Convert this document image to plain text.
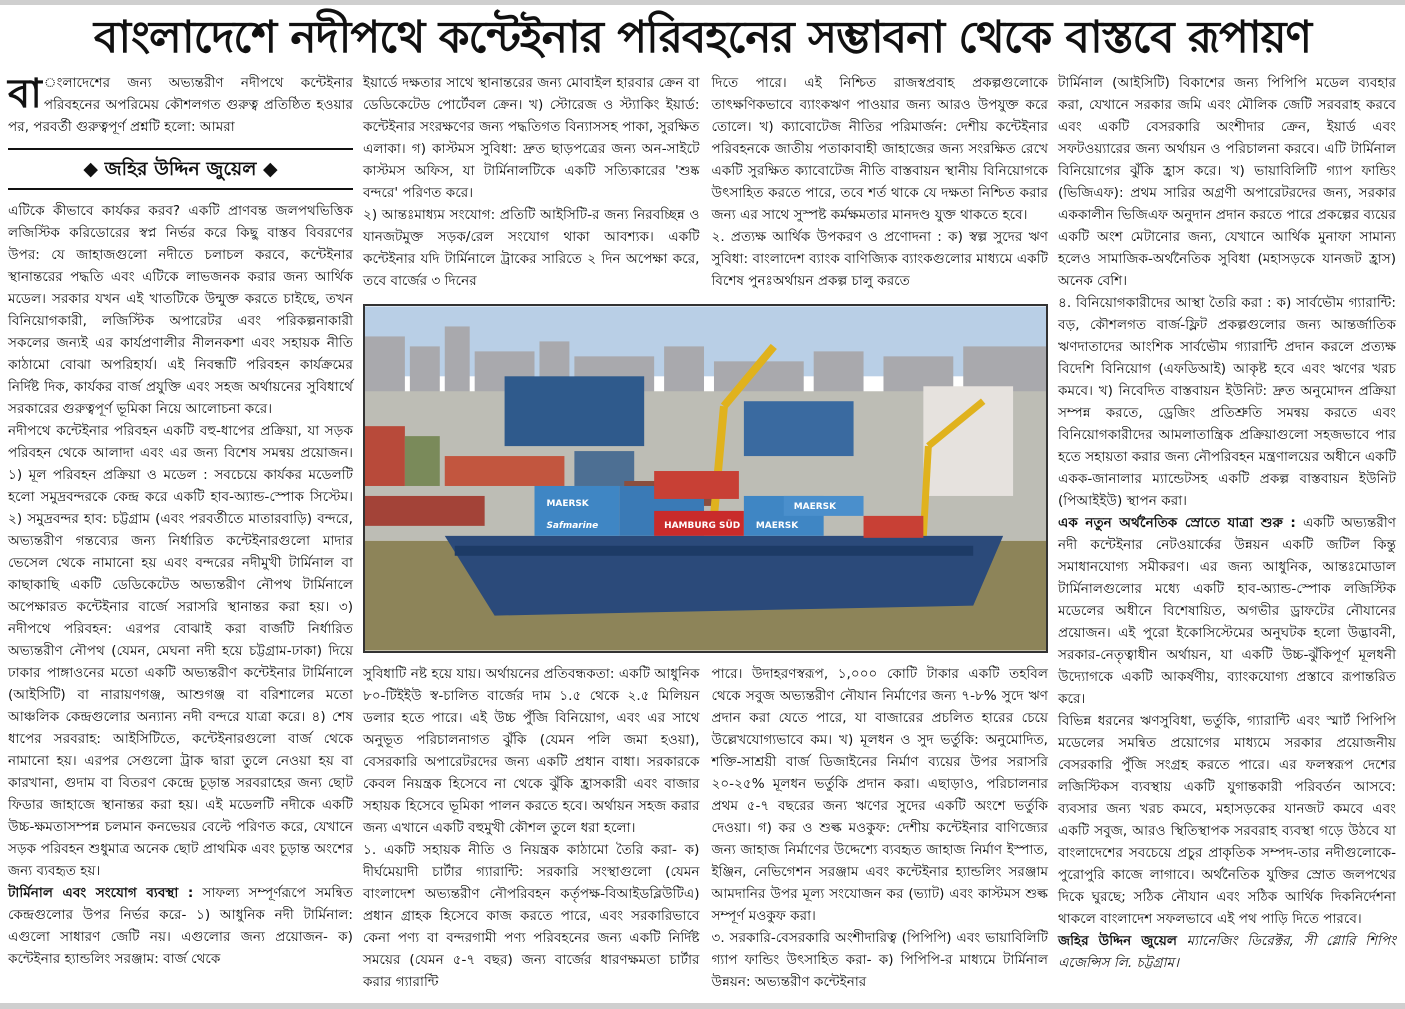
বাংলাদেশে নদীপথে কন্টেইনার পরিবহনের সম্ভাবনা থেকে বাস্তবে রূপায়ণ

বা ংলাদেশের জন্য অভ্যন্তরীণ নদীপথে কন্টেইনার পরিবহনের অপরিমেয় কৌশলগত গুরুত্ব প্রতিষ্ঠিত হওয়ার পর, পরবর্তী গুরুত্বপূর্ণ প্রশ্নটি হলো: আমরা

◆ জহির উদ্দিন জুয়েল ◆

এটিকে কীভাবে কার্যকর করব? একটি প্রাণবন্ত জলপথভিত্তিক লজিস্টিক করিডোরের স্বপ্ন নির্ভর করে কিছু বাস্তব বিবরণের উপর: যে জাহাজগুলো নদীতে চলাচল করবে, কন্টেইনার স্থানান্তরের পদ্ধতি এবং এটিকে লাভজনক করার জন্য আর্থিক মডেল। সরকার যখন এই খাতটিকে উন্মুক্ত করতে চাইছে, তখন বিনিয়োগকারী, লজিস্টিক অপারেটর এবং পরিকল্পনাকারী সকলের জন্যই এর কার্যপ্রণালীর নীলনকশা এবং সহায়ক নীতি কাঠামো বোঝা অপরিহার্য। এই নিবন্ধটি পরিবহন কার্যক্রমের নির্দিষ্ট দিক, কার্যকর বার্জ প্রযুক্তি এবং সহজ অর্থায়নের সুবিধার্থে সরকারের গুরুত্বপূর্ণ ভূমিকা নিয়ে আলোচনা করে।

নদীপথে কন্টেইনার পরিবহন একটি বহু-ধাপের প্রক্রিয়া, যা সড়ক পরিবহন থেকে আলাদা এবং এর জন্য বিশেষ সমন্বয় প্রয়োজন। ১) মূল পরিবহন প্রক্রিয়া ও মডেল : সবচেয়ে কার্যকর মডেলটি হলো সমুদ্রবন্দরকে কেন্দ্র করে একটি হাব-অ্যান্ড-স্পোক সিস্টেম। ২) সমুদ্রবন্দর হাব: চট্টগ্রাম (এবং পরবর্তীতে মাতারবাড়ি) বন্দরে, অভ্যন্তরীণ গন্তব্যের জন্য নির্ধারিত কন্টেইনারগুলো মাদার ভেসেল থেকে নামানো হয় এবং বন্দরের নদীমুখী টার্মিনাল বা কাছাকাছি একটি ডেডিকেটেড অভ্যন্তরীণ নৌপথ টার্মিনালে অপেক্ষারত কন্টেইনার বার্জে সরাসরি স্থানান্তর করা হয়। ৩) নদীপথে পরিবহন: এরপর বোঝাই করা বার্জটি নির্ধারিত অভ্যন্তরীণ নৌপথ (যেমন, মেঘনা নদী হয়ে চট্টগ্রাম-ঢাকা) দিয়ে ঢাকার পাঙ্গাওনের মতো একটি অভ্যন্তরীণ কন্টেইনার টার্মিনালে (আইসিটি) বা নারায়ণগঞ্জ, আশুগঞ্জ বা বরিশালের মতো আঞ্চলিক কেন্দ্রগুলোর অন্যান্য নদী বন্দরে যাত্রা করে। ৪) শেষ ধাপের সরবরাহ: আইসিটিতে, কন্টেইনারগুলো বার্জ থেকে নামানো হয়। এরপর সেগুলো ট্রাক দ্বারা তুলে নেওয়া হয় বা কারখানা, গুদাম বা বিতরণ কেন্দ্রে চূড়ান্ত সরবরাহের জন্য ছোট ফিডার জাহাজে স্থানান্তর করা হয়। এই মডেলটি নদীকে একটি উচ্চ-ক্ষমতাসম্পন্ন চলমান কনভেয়র বেল্টে পরিণত করে, যেখানে সড়ক পরিবহন শুধুমাত্র অনেক ছোট প্রাথমিক এবং চূড়ান্ত অংশের জন্য ব্যবহৃত হয়।

টার্মিনাল এবং সংযোগ ব্যবস্থা : সাফল্য সম্পূর্ণরূপে সমন্বিত কেন্দ্রগুলোর উপর নির্ভর করে- ১) আধুনিক নদী টার্মিনাল: এগুলো সাধারণ জেটি নয়। এগুলোর জন্য প্রয়োজন- ক) কন্টেইনার হ্যান্ডলিং সরঞ্জাম: বার্জ থেকে

ইয়ার্ডে দক্ষতার সাথে স্থানান্তরের জন্য মোবাইল হারবার ক্রেন বা ডেডিকেটেড পোর্টেবল ক্রেন। খ) স্টোরেজ ও স্ট্যাকিং ইয়ার্ড: কন্টেইনার সংরক্ষণের জন্য পদ্ধতিগত বিন্যাসসহ পাকা, সুরক্ষিত এলাকা। গ) কাস্টমস সুবিধা: দ্রুত ছাড়পত্রের জন্য অন-সাইটে কাস্টমস অফিস, যা টার্মিনালটিকে একটি সত্যিকারের 'শুষ্ক বন্দরে' পরিণত করে।

২) আন্তঃমাধ্যম সংযোগ: প্রতিটি আইসিটি-র জন্য নিরবচ্ছিন্ন ও যানজটমুক্ত সড়ক/রেল সংযোগ থাকা আবশ্যক। একটি কন্টেইনার যদি টার্মিনালে ট্রাকের সারিতে ২ দিন অপেক্ষা করে, তবে বার্জের ৩ দিনের

দিতে পারে। এই নিশ্চিত রাজস্বপ্রবাহ প্রকল্পগুলোকে তাৎক্ষণিকভাবে ব্যাংকঋণ পাওয়ার জন্য আরও উপযুক্ত করে তোলে। খ) ক্যাবোটেজ নীতির পরিমার্জন: দেশীয় কন্টেইনার পরিবহনকে জাতীয় পতাকাবাহী জাহাজের জন্য সংরক্ষিত রেখে একটি সুরক্ষিত ক্যাবোটেজ নীতি বাস্তবায়ন স্থানীয় বিনিয়োগকে উৎসাহিত করতে পারে, তবে শর্ত থাকে যে দক্ষতা নিশ্চিত করার জন্য এর সাথে সুস্পষ্ট কর্মক্ষমতার মানদণ্ড যুক্ত থাকতে হবে।

২. প্রত্যক্ষ আর্থিক উপকরণ ও প্রণোদনা : ক) স্বল্প সুদের ঋণ সুবিধা: বাংলাদেশ ব্যাংক বাণিজ্যিক ব্যাংকগুলোর মাধ্যমে একটি বিশেষ পুনঃঅর্থায়ন প্রকল্প চালু করতে

MAERSK	MAERSK
HAMBURG SÜD MAERSK
Safmarine

সুবিধাটি নষ্ট হয়ে যায়। অর্থায়নের প্রতিবন্ধকতা: একটি আধুনিক ৮০-টিইইউ স্ব-চালিত বার্জের দাম ১.৫ থেকে ২.৫ মিলিয়ন ডলার হতে পারে। এই উচ্চ পুঁজি বিনিয়োগ, এবং এর সাথে অনুভূত পরিচালনাগত ঝুঁকি (যেমন পলি জমা হওয়া), বেসরকারি অপারেটরদের জন্য একটি প্রধান বাধা। সরকারকে কেবল নিয়ন্ত্রক হিসেবে না থেকে ঝুঁকি হ্রাসকারী এবং বাজার সহায়ক হিসেবে ভূমিকা পালন করতে হবে। অর্থায়ন সহজ করার জন্য এখানে একটি বহুমুখী কৌশল তুলে ধরা হলো।

১. একটি সহায়ক নীতি ও নিয়ন্ত্রক কাঠামো তৈরি করা- ক) দীর্ঘমেয়াদী চার্টার গ্যারান্টি: সরকারি সংস্থাগুলো (যেমন বাংলাদেশ অভ্যন্তরীণ নৌপরিবহন কর্তৃপক্ষ-বিআইডব্লিউটিএ) প্রধান গ্রাহক হিসেবে কাজ করতে পারে, এবং সরকারিভাবে কেনা পণ্য বা বন্দরগামী পণ্য পরিবহনের জন্য একটি নির্দিষ্ট সময়ের (যেমন ৫-৭ বছর) জন্য বার্জের ধারণক্ষমতা চার্টার করার গ্যারান্টি

পারে। উদাহরণস্বরূপ, ১,০০০ কোটি টাকার একটি তহবিল থেকে সবুজ অভ্যন্তরীণ নৌযান নির্মাণের জন্য ৭-৮% সুদে ঋণ প্রদান করা যেতে পারে, যা বাজারের প্রচলিত হারের চেয়ে উল্লেখযোগ্যভাবে কম। খ) মূলধন ও সুদ ভর্তুকি: অনুমোদিত, শক্তি-সাশ্রয়ী বার্জ ডিজাইনের নির্মাণ ব্যয়ের উপর সরাসরি ২০-২৫% মূলধন ভর্তুকি প্রদান করা। এছাড়াও, পরিচালনার প্রথম ৫-৭ বছরের জন্য ঋণের সুদের একটি অংশে ভর্তুকি দেওয়া। গ) কর ও শুল্ক মওকুফ: দেশীয় কন্টেইনার বাণিজ্যের জন্য জাহাজ নির্মাণের উদ্দেশ্যে ব্যবহৃত জাহাজ নির্মাণ ইস্পাত, ইঞ্জিন, নেভিগেশন সরঞ্জাম এবং কন্টেইনার হ্যান্ডলিং সরঞ্জাম আমদানির উপর মূল্য সংযোজন কর (ভ্যাট) এবং কাস্টমস শুল্ক সম্পূর্ণ মওকুফ করা।

৩. সরকারি-বেসরকারি অংশীদারিত্ব (পিপিপি) এবং ভায়াবিলিটি গ্যাপ ফান্ডিং উৎসাহিত করা- ক) পিপিপি-র মাধ্যমে টার্মিনাল উন্নয়ন: অভ্যন্তরীণ কন্টেইনার

টার্মিনাল (আইসিটি) বিকাশের জন্য পিপিপি মডেল ব্যবহার করা, যেখানে সরকার জমি এবং মৌলিক জেটি সরবরাহ করবে এবং একটি বেসরকারি অংশীদার ক্রেন, ইয়ার্ড এবং সফটওয়্যারের জন্য অর্থায়ন ও পরিচালনা করবে। এটি টার্মিনাল বিনিয়োগের ঝুঁকি হ্রাস করে। খ) ভায়াবিলিটি গ্যাপ ফান্ডিং (ভিজিএফ): প্রথম সারির অগ্রণী অপারেটরদের জন্য, সরকার এককালীন ভিজিএফ অনুদান প্রদান করতে পারে প্রকল্পের ব্যয়ের একটি অংশ মেটানোর জন্য, যেখানে আর্থিক মুনাফা সামান্য হলেও সামাজিক-অর্থনৈতিক সুবিধা (মহাসড়কে যানজট হ্রাস) অনেক বেশি।

৪. বিনিয়োগকারীদের আস্থা তৈরি করা : ক) সার্বভৌম গ্যারান্টি: বড়, কৌশলগত বার্জ-ফ্লিট প্রকল্পগুলোর জন্য আন্তর্জাতিক ঋণদাতাদের আংশিক সার্বভৌম গ্যারান্টি প্রদান করলে প্রত্যক্ষ বিদেশি বিনিয়োগ (এফডিআই) আকৃষ্ট হবে এবং ঋণের খরচ কমবে। খ) নিবেদিত বাস্তবায়ন ইউনিট: দ্রুত অনুমোদন প্রক্রিয়া সম্পন্ন করতে, ড্রেজিং প্রতিশ্রুতি সমন্বয় করতে এবং বিনিয়োগকারীদের আমলাতান্ত্রিক প্রক্রিয়াগুলো সহজভাবে পার হতে সহায়তা করার জন্য নৌপরিবহন মন্ত্রণালয়ের অধীনে একটি একক-জানালার ম্যান্ডেটসহ একটি প্রকল্প বাস্তবায়ন ইউনিট (পিআইইউ) স্থাপন করা।

এক নতুন অর্থনৈতিক স্রোতে যাত্রা শুরু : একটি অভ্যন্তরীণ নদী কন্টেইনার নেটওয়ার্কের উন্নয়ন একটি জটিল কিন্তু সমাধানযোগ্য সমীকরণ। এর জন্য আধুনিক, আন্তঃমোডাল টার্মিনালগুলোর মধ্যে একটি হাব-অ্যান্ড-স্পোক লজিস্টিক মডেলের অধীনে বিশেষায়িত, অগভীর ড্রাফটের নৌযানের প্রয়োজন। এই পুরো ইকোসিস্টেমের অনুঘটক হলো উদ্ভাবনী, সরকার-নেতৃত্বাধীন অর্থায়ন, যা একটি উচ্চ-ঝুঁকিপূর্ণ মূলধনী উদ্যোগকে একটি আকর্ষণীয়, ব্যাংকযোগ্য প্রস্তাবে রূপান্তরিত করে।

বিভিন্ন ধরনের ঋণসুবিধা, ভর্তুকি, গ্যারান্টি এবং স্মার্ট পিপিপি মডেলের সমন্বিত প্রয়োগের মাধ্যমে সরকার প্রয়োজনীয় বেসরকারি পুঁজি সংগ্রহ করতে পারে। এর ফলস্বরূপ দেশের লজিস্টিকস ব্যবস্থায় একটি যুগান্তকারী পরিবর্তন আসবে: ব্যবসার জন্য খরচ কমবে, মহাসড়কের যানজট কমবে এবং একটি সবুজ, আরও স্থিতিস্থাপক সরবরাহ ব্যবস্থা গড়ে উঠবে যা বাংলাদেশের সবচেয়ে প্রচুর প্রাকৃতিক সম্পদ-তার নদীগুলোকে-পুরোপুরি কাজে লাগাবে। অর্থনৈতিক যুক্তির স্রোত জলপথের দিকে ঘুরছে; সঠিক নৌযান এবং সঠিক আর্থিক দিকনির্দেশনা থাকলে বাংলাদেশ সফলভাবে এই পথ পাড়ি দিতে পারবে।

জহির উদ্দিন জুয়েল ম্যানেজিং ডিরেক্টর, সী গ্লোরি শিপিং এজেন্সিস লি. চট্টগ্রাম।
